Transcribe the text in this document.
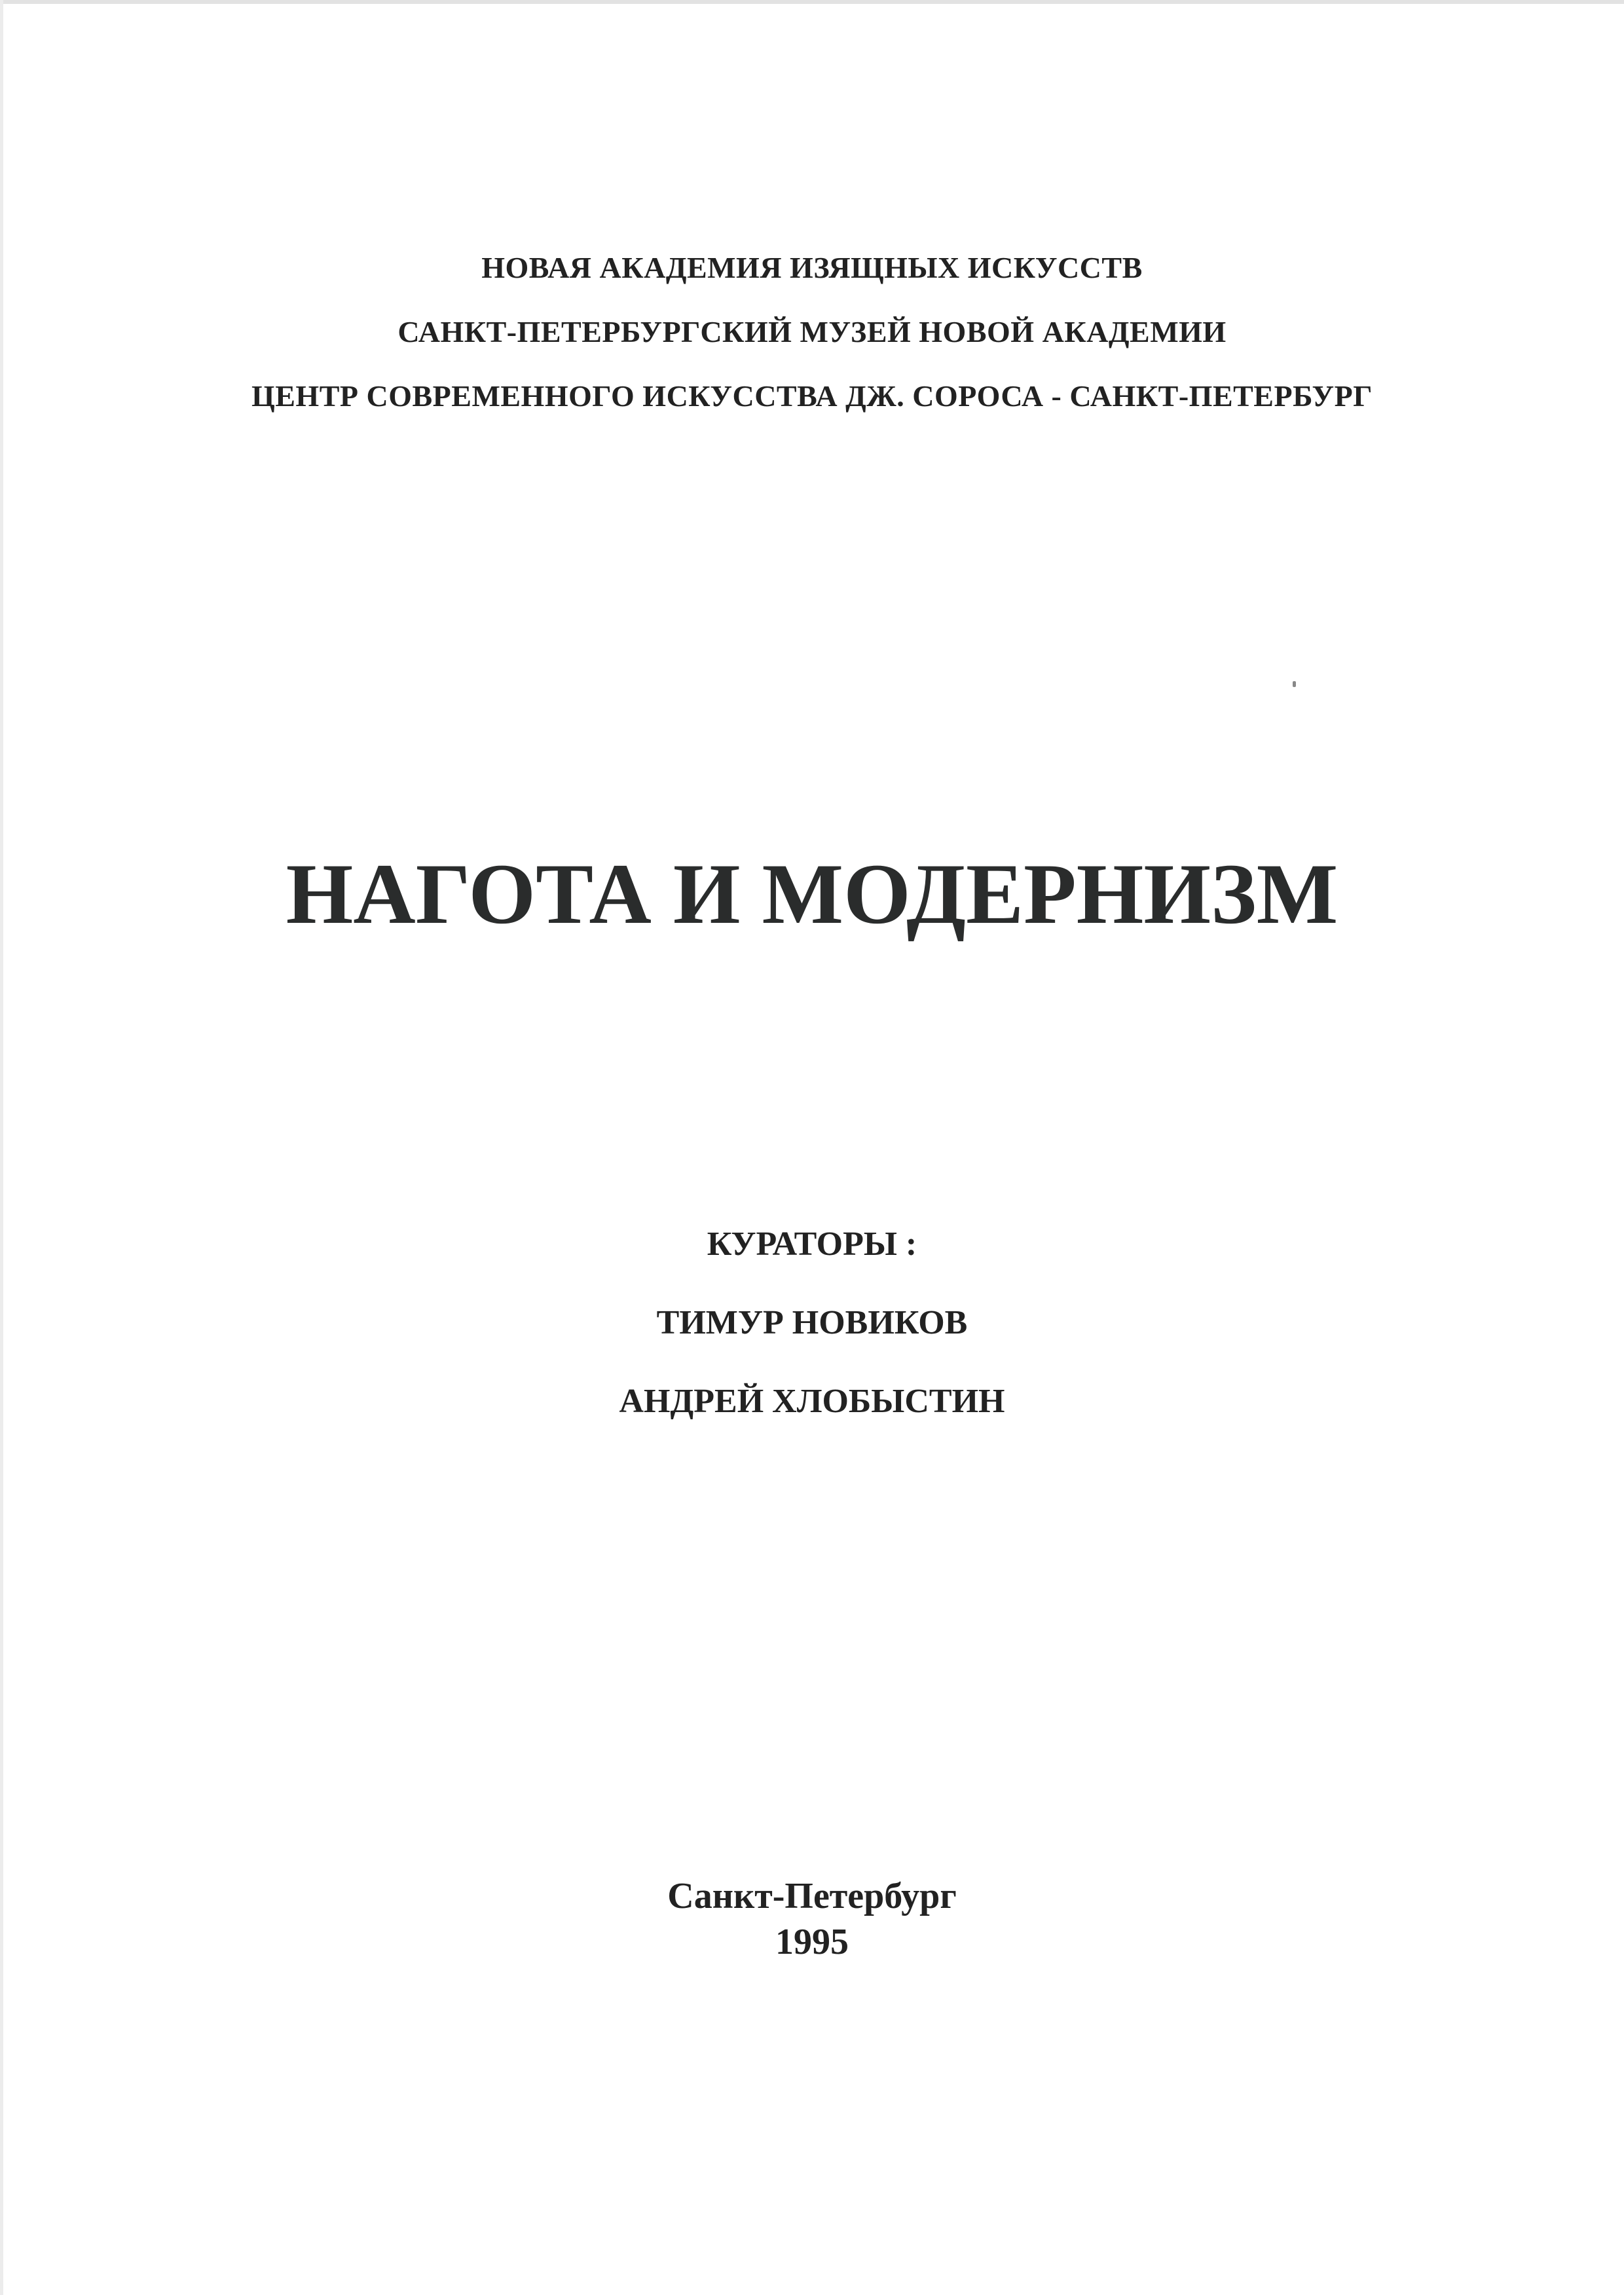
НОВАЯ АКАДЕМИЯ ИЗЯЩНЫХ ИСКУССТВ
САНКТ-ПЕТЕРБУРГСКИЙ МУЗЕЙ НОВОЙ АКАДЕМИИ
ЦЕНТР СОВРЕМЕННОГО ИСКУССТВА ДЖ. СОРОСА - САНКТ-ПЕТЕРБУРГ
НАГОТА И МОДЕРНИЗМ
КУРАТОРЫ :
ТИМУР НОВИКОВ
АНДРЕЙ ХЛОБЫСТИН
Санкт-Петербург
1995
